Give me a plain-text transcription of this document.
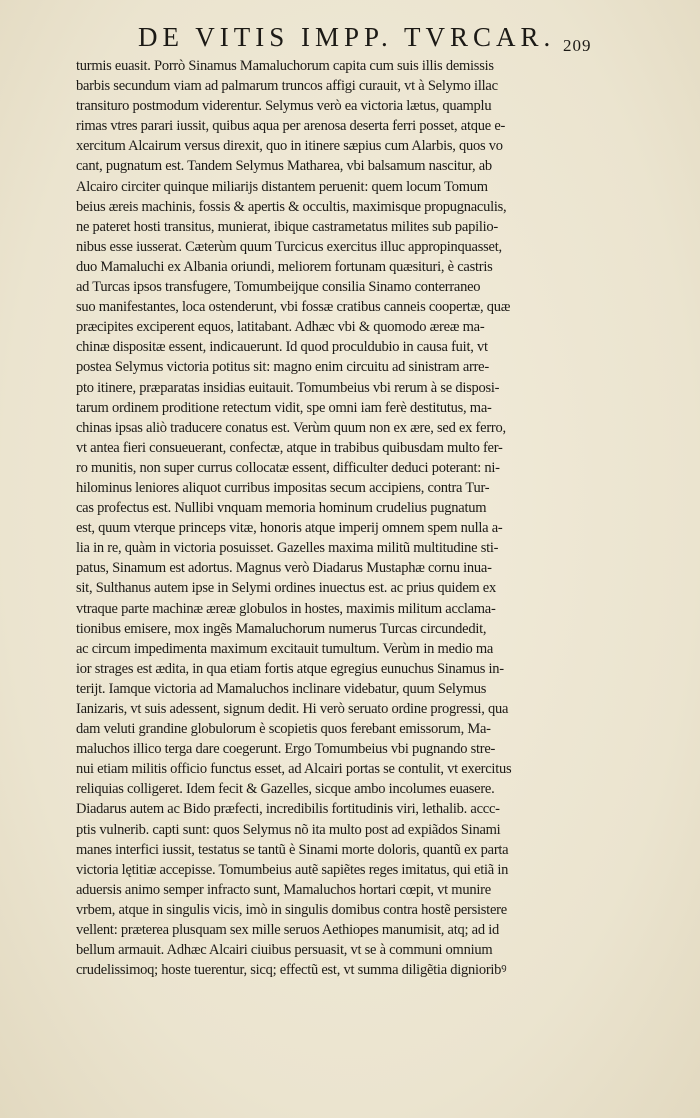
DE VITIS IMPP. TVRCAR. 209
turmis euasit. Porrò Sinamus Mamaluchorum capita cum suis illis demissis
barbis secundum viam ad palmarum truncos affigi curauit, vt à Selymo illac
transituro postmodum viderentur. Selymus verò ea victoria lætus, quamplu
rimas vtres parari iussit, quibus aqua per arenosa deserta ferri posset, atque e-
xercitum Alcairum versus direxit, quo in itinere sæpius cum Alarbis, quos vo
cant, pugnatum est. Tandem Selymus Matharea, vbi balsamum nascitur, ab
Alcairo circiter quinque miliarijs distantem peruenit: quem locum Tomum
beius æreis machinis, fossis & apertis & occultis, maximisque propugnaculis,
ne pateret hosti transitus, munierat, ibique castrametatus milites sub papilio-
nibus esse iusserat. Cæterùm quum Turcicus exercitus illuc appropinquasset,
duo Mamaluchi ex Albania oriundi, meliorem fortunam quæsituri, è castris
ad Turcas ipsos transfugere, Tomumbeijque consilia Sinamo conterraneo
suo manifestantes, loca ostenderunt, vbi fossæ cratibus canneis coopertæ, quæ
præcipites exciperent equos, latitabant. Adhæc vbi & quomodo æreæ ma-
chinæ dispositæ essent, indicauerunt. Id quod proculdubio in causa fuit, vt
postea Selymus victoria potitus sit: magno enim circuitu ad sinistram arre-
pto itinere, præparatas insidias euitauit. Tomumbeius vbi rerum à se disposi-
tarum ordinem proditione retectum vidit, spe omni iam ferè destitutus, ma-
chinas ipsas aliò traducere conatus est. Verùm quum non ex ære, sed ex ferro,
vt antea fieri consueuerant, confectæ, atque in trabibus quibusdam multo fer-
ro munitis, non super currus collocatæ essent, difficulter deduci poterant: ni-
hilominus leniores aliquot curribus impositas secum accipiens, contra Tur-
cas profectus est. Nullibi vnquam memoria hominum crudelius pugnatum
est, quum vterque princeps vitæ, honoris atque imperij omnem spem nulla a-
lia in re, quàm in victoria posuisset. Gazelles maxima militũ multitudine sti-
patus, Sinamum est adortus. Magnus verò Diadarus Mustaphæ cornu inua-
sit, Sulthanus autem ipse in Selymi ordines inuectus est. ac prius quidem ex
vtraque parte machinæ æreæ globulos in hostes, maximis militum acclama-
tionibus emisere, mox ingẽs Mamaluchorum numerus Turcas circundedit,
ac circum impedimenta maximum excitauit tumultum. Verùm in medio ma
ior strages est ædita, in qua etiam fortis atque egregius eunuchus Sinamus in-
terijt. Iamque victoria ad Mamaluchos inclinare videbatur, quum Selymus
Ianizaris, vt suis adessent, signum dedit. Hi verò seruato ordine progressi, qua
dam veluti grandine globulorum è scopietis quos ferebant emissorum, Ma-
maluchos illico terga dare coegerunt. Ergo Tomumbeius vbi pugnando stre-
nui etiam militis officio functus esset, ad Alcairi portas se contulit, vt exercitus
reliquias colligeret. Idem fecit & Gazelles, sicque ambo incolumes euasere.
Diadarus autem ac Bido præfecti, incredibilis fortitudinis viri, lethalib. accc-
ptis vulnerib. capti sunt: quos Selymus nõ ita multo post ad expiãdos Sinami
manes interfici iussit, testatus se tantũ è Sinami morte doloris, quantũ ex parta
victoria lętitiæ accepisse. Tomumbeius autẽ sapiẽtes reges imitatus, qui etiã in
aduersis animo semper infracto sunt, Mamaluchos hortari cœpit, vt munire
vrbem, atque in singulis vicis, imò in singulis domibus contra hostẽ persistere
vellent: præterea plusquam sex mille seruos Aethiopes manumisit, atq; ad id
bellum armauit. Adhæc Alcairi ciuibus persuasit, vt se à communi omnium
crudelissimoq; hoste tuerentur, sicq; effectũ est, vt summa diligẽtia dignioribꝰ
